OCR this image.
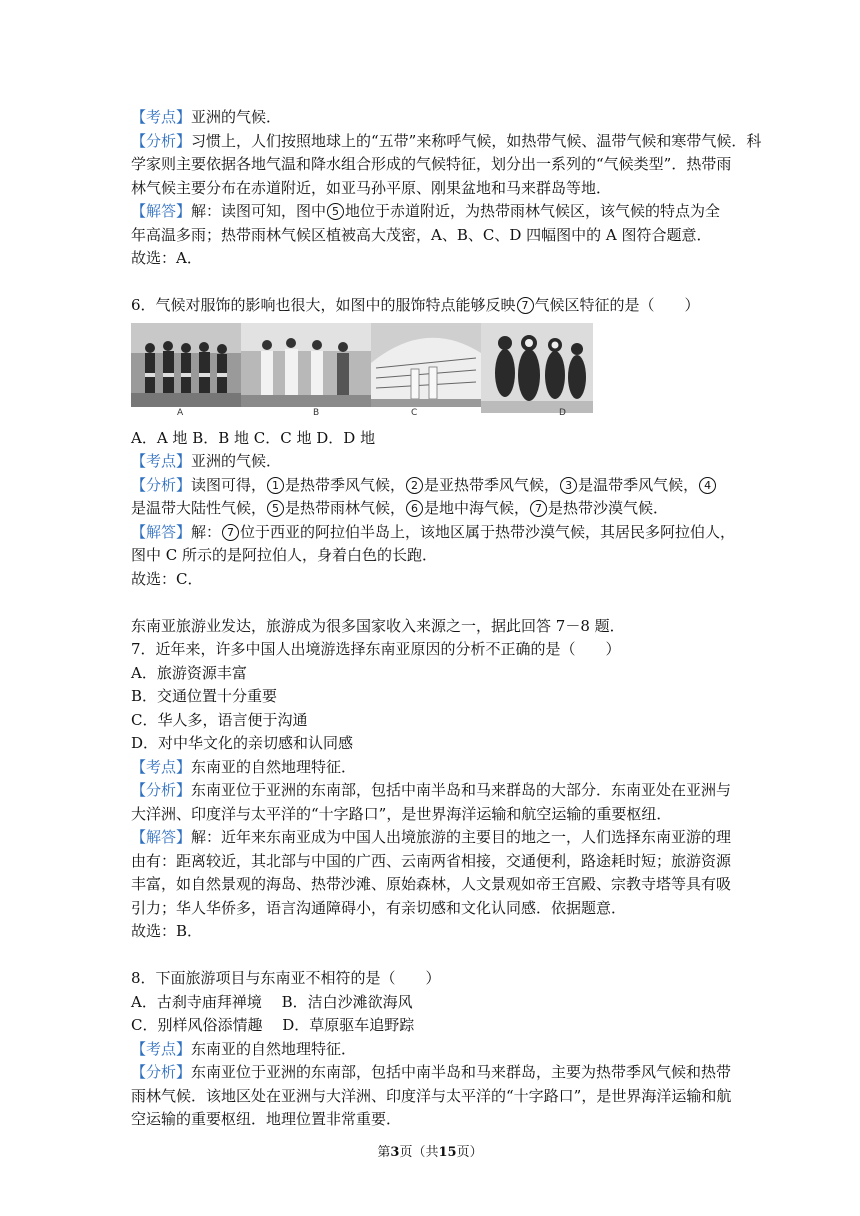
【考点】亚洲的气候．
【分析】习惯上，人们按照地球上的“五带”来称呼气候，如热带气候、温带气候和寒带气候．科
学家则主要依据各地气温和降水组合形成的气候特征，划分出一系列的“气候类型”．热带雨
林气候主要分布在赤道附近，如亚马孙平原、刚果盆地和马来群岛等地．
【解答】解：读图可知，图中 5 地位于赤道附近，为热带雨林气候区，该气候的特点为全
年高温多雨；热带雨林气候区植被高大茂密，A、B、C、D 四幅图中的 A 图符合题意．
故选：A．
6．气候对服饰的影响也很大，如图中的服饰特点能够反映 7 气候区特征的是（　　）
A	B	C	D
A．A 地 B．B 地 C．C 地 D．D 地
【考点】亚洲的气候．
【分析】读图可得， 1 是热带季风气候， 2 是亚热带季风气候， 3 是温带季风气候， 4
是温带大陆性气候， 5 是热带雨林气候， 6 是地中海气候， 7 是热带沙漠气候．
【解答】解： 7 位于西亚的阿拉伯半岛上，该地区属于热带沙漠气候，其居民多阿拉伯人，
图中 C 所示的是阿拉伯人，身着白色的长跑．
故选：C．
东南亚旅游业发达，旅游成为很多国家收入来源之一，据此回答 7－8 题．
7．近年来，许多中国人出境游选择东南亚原因的分析不正确的是（　　）
A．旅游资源丰富
B．交通位置十分重要
C．华人多，语言便于沟通
D．对中华文化的亲切感和认同感
【考点】东南亚的自然地理特征．
【分析】东南亚位于亚洲的东南部，包括中南半岛和马来群岛的大部分．东南亚处在亚洲与
大洋洲、印度洋与太平洋的“十字路口”，是世界海洋运输和航空运输的重要枢纽．
【解答】解：近年来东南亚成为中国人出境旅游的主要目的地之一，人们选择东南亚游的理
由有：距离较近，其北部与中国的广西、云南两省相接，交通便利，路途耗时短；旅游资源
丰富，如自然景观的海岛、热带沙滩、原始森林，人文景观如帝王宫殿、宗教寺塔等具有吸
引力；华人华侨多，语言沟通障碍小，有亲切感和文化认同感．依据题意．
故选：B．
8．下面旅游项目与东南亚不相符的是（　　）
A．古刹寺庙拜禅境　 B．洁白沙滩欲海风
C．别样风俗添情趣　 D．草原驱车追野踪
【考点】东南亚的自然地理特征．
【分析】东南亚位于亚洲的东南部，包括中南半岛和马来群岛，主要为热带季风气候和热带
雨林气候．该地区处在亚洲与大洋洲、印度洋与太平洋的“十字路口”，是世界海洋运输和航
空运输的重要枢纽．地理位置非常重要．
第3页（共15页）
